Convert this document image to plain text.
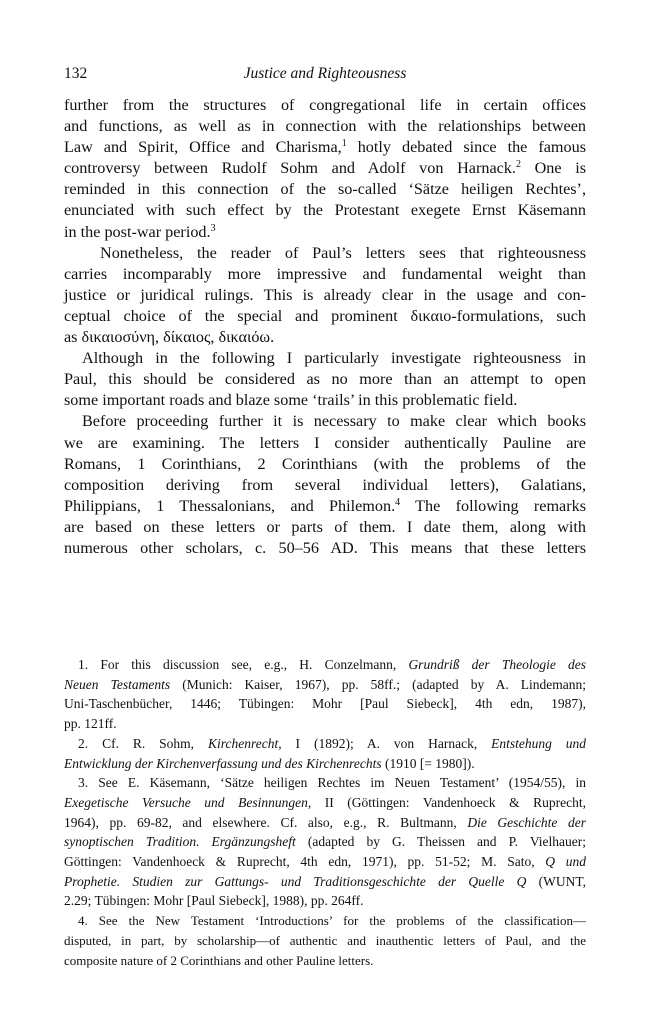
132	Justice and Righteousness

further from the structures of congregational life in certain offices
and functions, as well as in connection with the relationships between
Law and Spirit, Office and Charisma,$^1$ hotly debated since the famous
controversy between Rudolf Sohm and Adolf von Harnack.$^2$ One is
reminded in this connection of the so-called ‘Sätze heiligen Rechtes’,
enunciated with such effect by the Protestant exegete Ernst Käsemann
in the post-war period.$^3$

Nonetheless, the reader of Paul’s letters sees that righteousness
carries incomparably more impressive and fundamental weight than
justice or juridical rulings. This is already clear in the usage and con-
ceptual choice of the special and prominent δικαιο-formulations, such
as δικαιοσύνη, δίκαιος, δικαιόω.

Although in the following I particularly investigate righteousness in
Paul, this should be considered as no more than an attempt to open
some important roads and blaze some ‘trails’ in this problematic field.

Before proceeding further it is necessary to make clear which books
we are examining. The letters I consider authentically Pauline are
Romans, 1 Corinthians, 2 Corinthians (with the problems of the
composition deriving from several individual letters), Galatians,
Philippians, 1 Thessalonians, and Philemon.$^4$ The following remarks
are based on these letters or parts of them. I date them, along with
numerous other scholars, c. 50–56 AD. This means that these letters

1. For this discussion see, e.g., H. Conzelmann, Grundriß der Theologie des
Neuen Testaments (Munich: Kaiser, 1967), pp. 58ff.; (adapted by A. Lindemann;
Uni-Taschenbücher, 1446; Tübingen: Mohr [Paul Siebeck], 4th edn, 1987),
pp. 121ff.
2. Cf. R. Sohm, Kirchenrecht, I (1892); A. von Harnack, Entstehung und
Entwicklung der Kirchenverfassung und des Kirchenrechts (1910 [= 1980]).
3. See E. Käsemann, ‘Sätze heiligen Rechtes im Neuen Testament’ (1954/55), in
Exegetische Versuche und Besinnungen, II (Göttingen: Vandenhoeck & Ruprecht,
1964), pp. 69-82, and elsewhere. Cf. also, e.g., R. Bultmann, Die Geschichte der
synoptischen Tradition. Ergänzungsheft (adapted by G. Theissen and P. Vielhauer;
Göttingen: Vandenhoeck & Ruprecht, 4th edn, 1971), pp. 51-52; M. Sato, Q und
Prophetie. Studien zur Gattungs- und Traditionsgeschichte der Quelle Q (WUNT,
2.29; Tübingen: Mohr [Paul Siebeck], 1988), pp. 264ff.
4. See the New Testament ‘Introductions’ for the problems of the classification—
disputed, in part, by scholarship—of authentic and inauthentic letters of Paul, and the
composite nature of 2 Corinthians and other Pauline letters.
